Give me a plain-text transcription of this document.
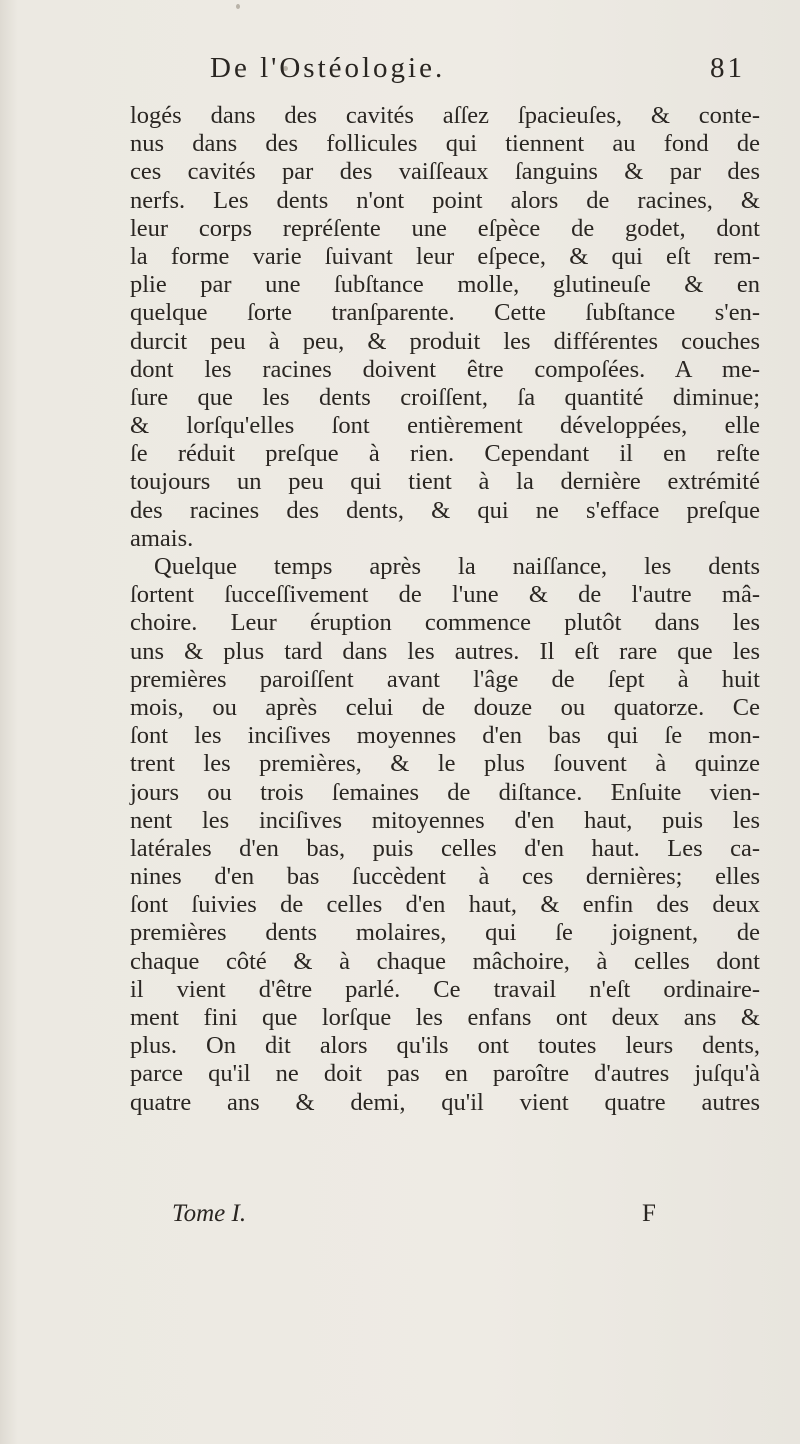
De l'Ostéologie.	81
logés dans des cavités aſſez ſpacieuſes, & conte-
nus dans des follicules qui tiennent au fond de
ces cavités par des vaiſſeaux ſanguins & par des
nerfs. Les dents n'ont point alors de racines, &
leur corps repréſente une eſpèce de godet, dont
la forme varie ſuivant leur eſpece, & qui eſt rem-
plie par une ſubſtance molle, glutineuſe & en
quelque ſorte tranſparente. Cette ſubſtance s'en-
durcit peu à peu, & produit les différentes couches
dont les racines doivent être compoſées. A me-
ſure que les dents croiſſent, ſa quantité diminue;
& lorſqu'elles ſont entièrement développées, elle
ſe réduit preſque à rien. Cependant il en reſte
toujours un peu qui tient à la dernière extrémité
des racines des dents, & qui ne s'efface preſque
amais.
Quelque temps après la naiſſance, les dents
ſortent ſucceſſivement de l'une & de l'autre mâ-
choire. Leur éruption commence plutôt dans les
uns & plus tard dans les autres. Il eſt rare que les
premières paroiſſent avant l'âge de ſept à huit
mois, ou après celui de douze ou quatorze. Ce
ſont les inciſives moyennes d'en bas qui ſe mon-
trent les premières, & le plus ſouvent à quinze
jours ou trois ſemaines de diſtance. Enſuite vien-
nent les inciſives mitoyennes d'en haut, puis les
latérales d'en bas, puis celles d'en haut. Les ca-
nines d'en bas ſuccèdent à ces dernières; elles
ſont ſuivies de celles d'en haut, & enfin des deux
premières dents molaires, qui ſe joignent, de
chaque côté & à chaque mâchoire, à celles dont
il vient d'être parlé. Ce travail n'eſt ordinaire-
ment fini que lorſque les enfans ont deux ans &
plus. On dit alors qu'ils ont toutes leurs dents,
parce qu'il ne doit pas en paroître d'autres juſqu'à
quatre ans & demi, qu'il vient quatre autres
Tome I.	F
